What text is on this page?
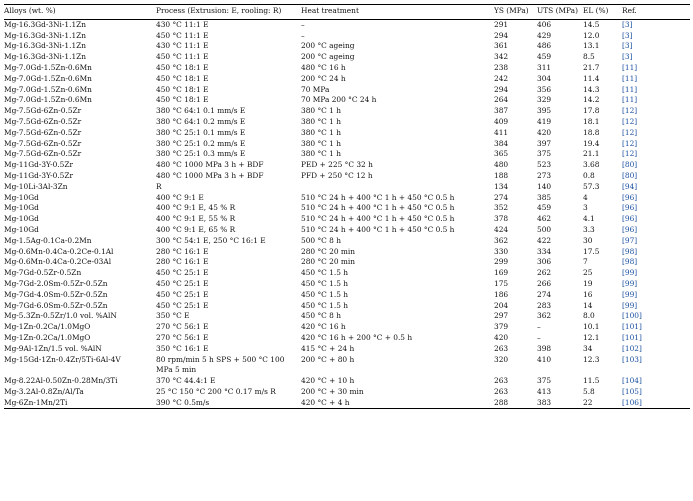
Alloys (wt. %)	Process (Extrusion: E, rooling: R)	Heat treatment	YS (MPa)	UTS (MPa)	EL (%)	Ref.
Mg-16.3Gd-3Ni-1.1Zn	430 °C 11:1 E	–	291	406	14.5	[3]
Mg-16.3Gd-3Ni-1.1Zn	450 °C 11:1 E	–	294	429	12.0	[3]
Mg-16.3Gd-3Ni-1.1Zn	430 °C 11:1 E	200 °C ageing	361	486	13.1	[3]
Mg-16.3Gd-3Ni-1.1Zn	450 °C 11:1 E	200 °C ageing	342	459	8.5	[3]
Mg-7.0Gd-1.5Zn-0.6Mn	450 °C 18:1 E	480 °C 16 h	238	311	21.7	[11]
Mg-7.0Gd-1.5Zn-0.6Mn	450 °C 18:1 E	200 °C 24 h	242	304	11.4	[11]
Mg-7.0Gd-1.5Zn-0.6Mn	450 °C 18:1 E	70 MPa	294	356	14.3	[11]
Mg-7.0Gd-1.5Zn-0.6Mn	450 °C 18:1 E	70 MPa 200 °C 24 h	264	329	14.2	[11]
Mg-7.5Gd-6Zn-0.5Zr	380 °C 64:1 0.1 mm/s E	380 °C 1 h	387	395	17.8	[12]
Mg-7.5Gd-6Zn-0.5Zr	380 °C 64:1 0.2 mm/s E	380 °C 1 h	409	419	18.1	[12]
Mg-7.5Gd-6Zn-0.5Zr	380 °C 25:1 0.1 mm/s E	380 °C 1 h	411	420	18.8	[12]
Mg-7.5Gd-6Zn-0.5Zr	380 °C 25:1 0.2 mm/s E	380 °C 1 h	384	397	19.4	[12]
Mg-7.5Gd-6Zn-0.5Zr	380 °C 25:1 0.3 mm/s E	380 °C 1 h	365	375	21.1	[12]
Mg-11Gd-3Y-0.5Zr	480 °C 1000 MPa 3 h + BDF	PED + 225 °C 32 h	480	523	3.68	[80]
Mg-11Gd-3Y-0.5Zr	480 °C 1000 MPa 3 h + BDF	PFD + 250 °C 12 h	188	273	0.8	[80]
Mg-10Li-3Al-3Zn	R		134	140	57.3	[94]
Mg-10Gd	400 °C 9:1 E	510 °C 24 h + 400 °C 1 h + 450 °C 0.5 h	274	385	4	[96]
Mg-10Gd	400 °C 9:1 E, 45 % R	510 °C 24 h + 400 °C 1 h + 450 °C 0.5 h	352	459	3	[96]
Mg-10Gd	400 °C 9:1 E, 55 % R	510 °C 24 h + 400 °C 1 h + 450 °C 0.5 h	378	462	4.1	[96]
Mg-10Gd	400 °C 9:1 E, 65 % R	510 °C 24 h + 400 °C 1 h + 450 °C 0.5 h	424	500	3.3	[96]
Mg-1.5Ag-0.1Ca-0.2Mn	300 °C 54:1 E, 250 °C 16:1 E	500 °C 8 h	362	422	30	[97]
Mg-0.6Mn-0.4Ca-0.2Ce-0.1Al	280 °C 16:1 E	280 °C 20 min	330	334	17.5	[98]
Mg-0.6Mn-0.4Ca-0.2Ce-03Al	280 °C 16:1 E	280 °C 20 min	299	306	7	[98]
Mg-7Gd-0.5Zr-0.5Zn	450 °C 25:1 E	450 °C 1.5 h	169	262	25	[99]
Mg-7Gd-2.0Sm-0.5Zr-0.5Zn	450 °C 25:1 E	450 °C 1.5 h	175	266	19	[99]
Mg-7Gd-4.0Sm-0.5Zr-0.5Zn	450 °C 25:1 E	450 °C 1.5 h	186	274	16	[99]
Mg-7Gd-6.0Sm-0.5Zr-0.5Zn	450 °C 25:1 E	450 °C 1.5 h	204	283	14	[99]
Mg-5.3Zn-0.5Zr/1.0 vol. %AlN	350 °C E	450 °C 8 h	297	362	8.0	[100]
Mg-1Zn-0.2Ca/1.0MgO	270 °C 56:1 E	420 °C 16 h	379	–	10.1	[101]
Mg-1Zn-0.2Ca/1.0MgO	270 °C 56:1 E	420 °C 16 h + 200 °C + 0.5 h	420	–	12.1	[101]
Mg-9Al-1Zn/1.5 vol. %AlN	350 °C 16:1 E	415 °C + 24 h	263	398	34	[102]
Mg-15Gd-1Zn-0.4Zr/5Ti-6Al-4V	80 rpm/min 5 h SPS + 500 °C 100 MPa 5 min	200 °C + 80 h	320	410	12.3	[103]
Mg-8.22Al-0.50Zn-0.28Mn/3Ti	370 °C 44.4:1 E	420 °C + 10 h	263	375	11.5	[104]
Mg-3.2Al-0.8Zn/Al/Ta	25 °C 150 °C 200 °C 0.17 m/s R	200 °C + 30 min	263	413	5.8	[105]
Mg-6Zn-1Mn/2Ti	390 °C 0.5m/s	420 °C + 4 h	288	383	22	[106]
